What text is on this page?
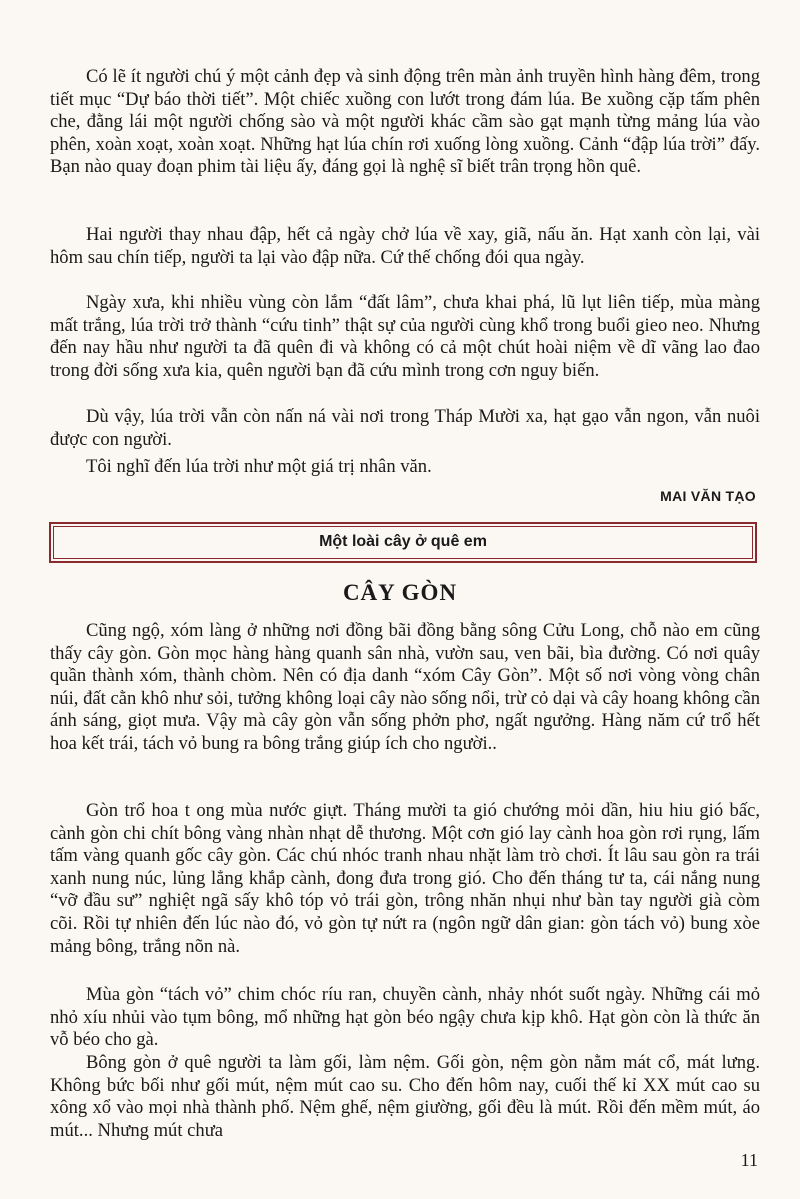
Có lẽ ít người chú ý một cảnh đẹp và sinh động trên màn ảnh truyền hình hàng đêm, trong tiết mục “Dự báo thời tiết”. Một chiếc xuồng con lướt trong đám lúa. Be xuồng cặp tấm phên che, đằng lái một người chống sào và một người khác cầm sào gạt mạnh từng mảng lúa vào phên, xoàn xoạt, xoàn xoạt. Những hạt lúa chín rơi xuống lòng xuồng. Cảnh “đập lúa trời” đấy. Bạn nào quay đoạn phim tài liệu ấy, đáng gọi là nghệ sĩ biết trân trọng hồn quê.

Hai người thay nhau đập, hết cả ngày chở lúa về xay, giã, nấu ăn. Hạt xanh còn lại, vài hôm sau chín tiếp, người ta lại vào đập nữa. Cứ thế chống đói qua ngày.

Ngày xưa, khi nhiều vùng còn lắm “đất lâm”, chưa khai phá, lũ lụt liên tiếp, mùa màng mất trắng, lúa trời trở thành “cứu tinh” thật sự của người cùng khổ trong buổi gieo neo. Nhưng đến nay hầu như người ta đã quên đi và không có cả một chút hoài niệm về dĩ vãng lao đao trong đời sống xưa kia, quên người bạn đã cứu mình trong cơn nguy biến.

Dù vậy, lúa trời vẫn còn nấn ná vài nơi trong Tháp Mười xa, hạt gạo vẫn ngon, vẫn nuôi được con người.

Tôi nghĩ đến lúa trời như một giá trị nhân văn.

MAI VĂN TẠO
Một loài cây ở quê em
CÂY GÒN

Cũng ngộ, xóm làng ở những nơi đồng bãi đồng bằng sông Cửu Long, chỗ nào em cũng thấy cây gòn. Gòn mọc hàng hàng quanh sân nhà, vườn sau, ven bãi, bìa đường. Có nơi quây quần thành xóm, thành chòm. Nên có địa danh “xóm Cây Gòn”. Một số nơi vòng vòng chân núi, đất cằn khô như sỏi, tưởng không loại cây nào sống nổi, trừ cỏ dại và cây hoang không cần ánh sáng, giọt mưa. Vậy mà cây gòn vẫn sống phởn phơ, ngất ngưởng. Hàng năm cứ trổ hết hoa kết trái, tách vỏ bung ra bông trắng giúp ích cho người..

Gòn trổ hoa t ong mùa nước giựt. Tháng mười ta gió chướng mỏi dần, hiu hiu gió bấc, cành gòn chi chít bông vàng nhàn nhạt dễ thương. Một cơn gió lay cành hoa gòn rơi rụng, lấm tấm vàng quanh gốc cây gòn. Các chú nhóc tranh nhau nhặt làm trò chơi. Ít lâu sau gòn ra trái xanh nung núc, lủng lẳng khắp cành, đong đưa trong gió. Cho đến tháng tư ta, cái nắng nung “vỡ đầu sư” nghiệt ngã sấy khô tóp vỏ trái gòn, trông nhăn nhụi như bàn tay người già còm cõi. Rồi tự nhiên đến lúc nào đó, vỏ gòn tự nứt ra (ngôn ngữ dân gian: gòn tách vỏ) bung xòe mảng bông, trắng nõn nà.

Mùa gòn “tách vỏ” chim chóc ríu ran, chuyền cành, nhảy nhót suốt ngày. Những cái mỏ nhỏ xíu nhủi vào tụm bông, mổ những hạt gòn béo ngậy chưa kịp khô. Hạt gòn còn là thức ăn vỗ béo cho gà.

Bông gòn ở quê người ta làm gối, làm nệm. Gối gòn, nệm gòn nằm mát cổ, mát lưng. Không bức bối như gối mút, nệm mút cao su. Cho đến hôm nay, cuối thế kỉ XX mút cao su xông xổ vào mọi nhà thành phố. Nệm ghế, nệm giường, gối đều là mút. Rồi đến mềm mút, áo mút... Nhưng mút chưa

11
